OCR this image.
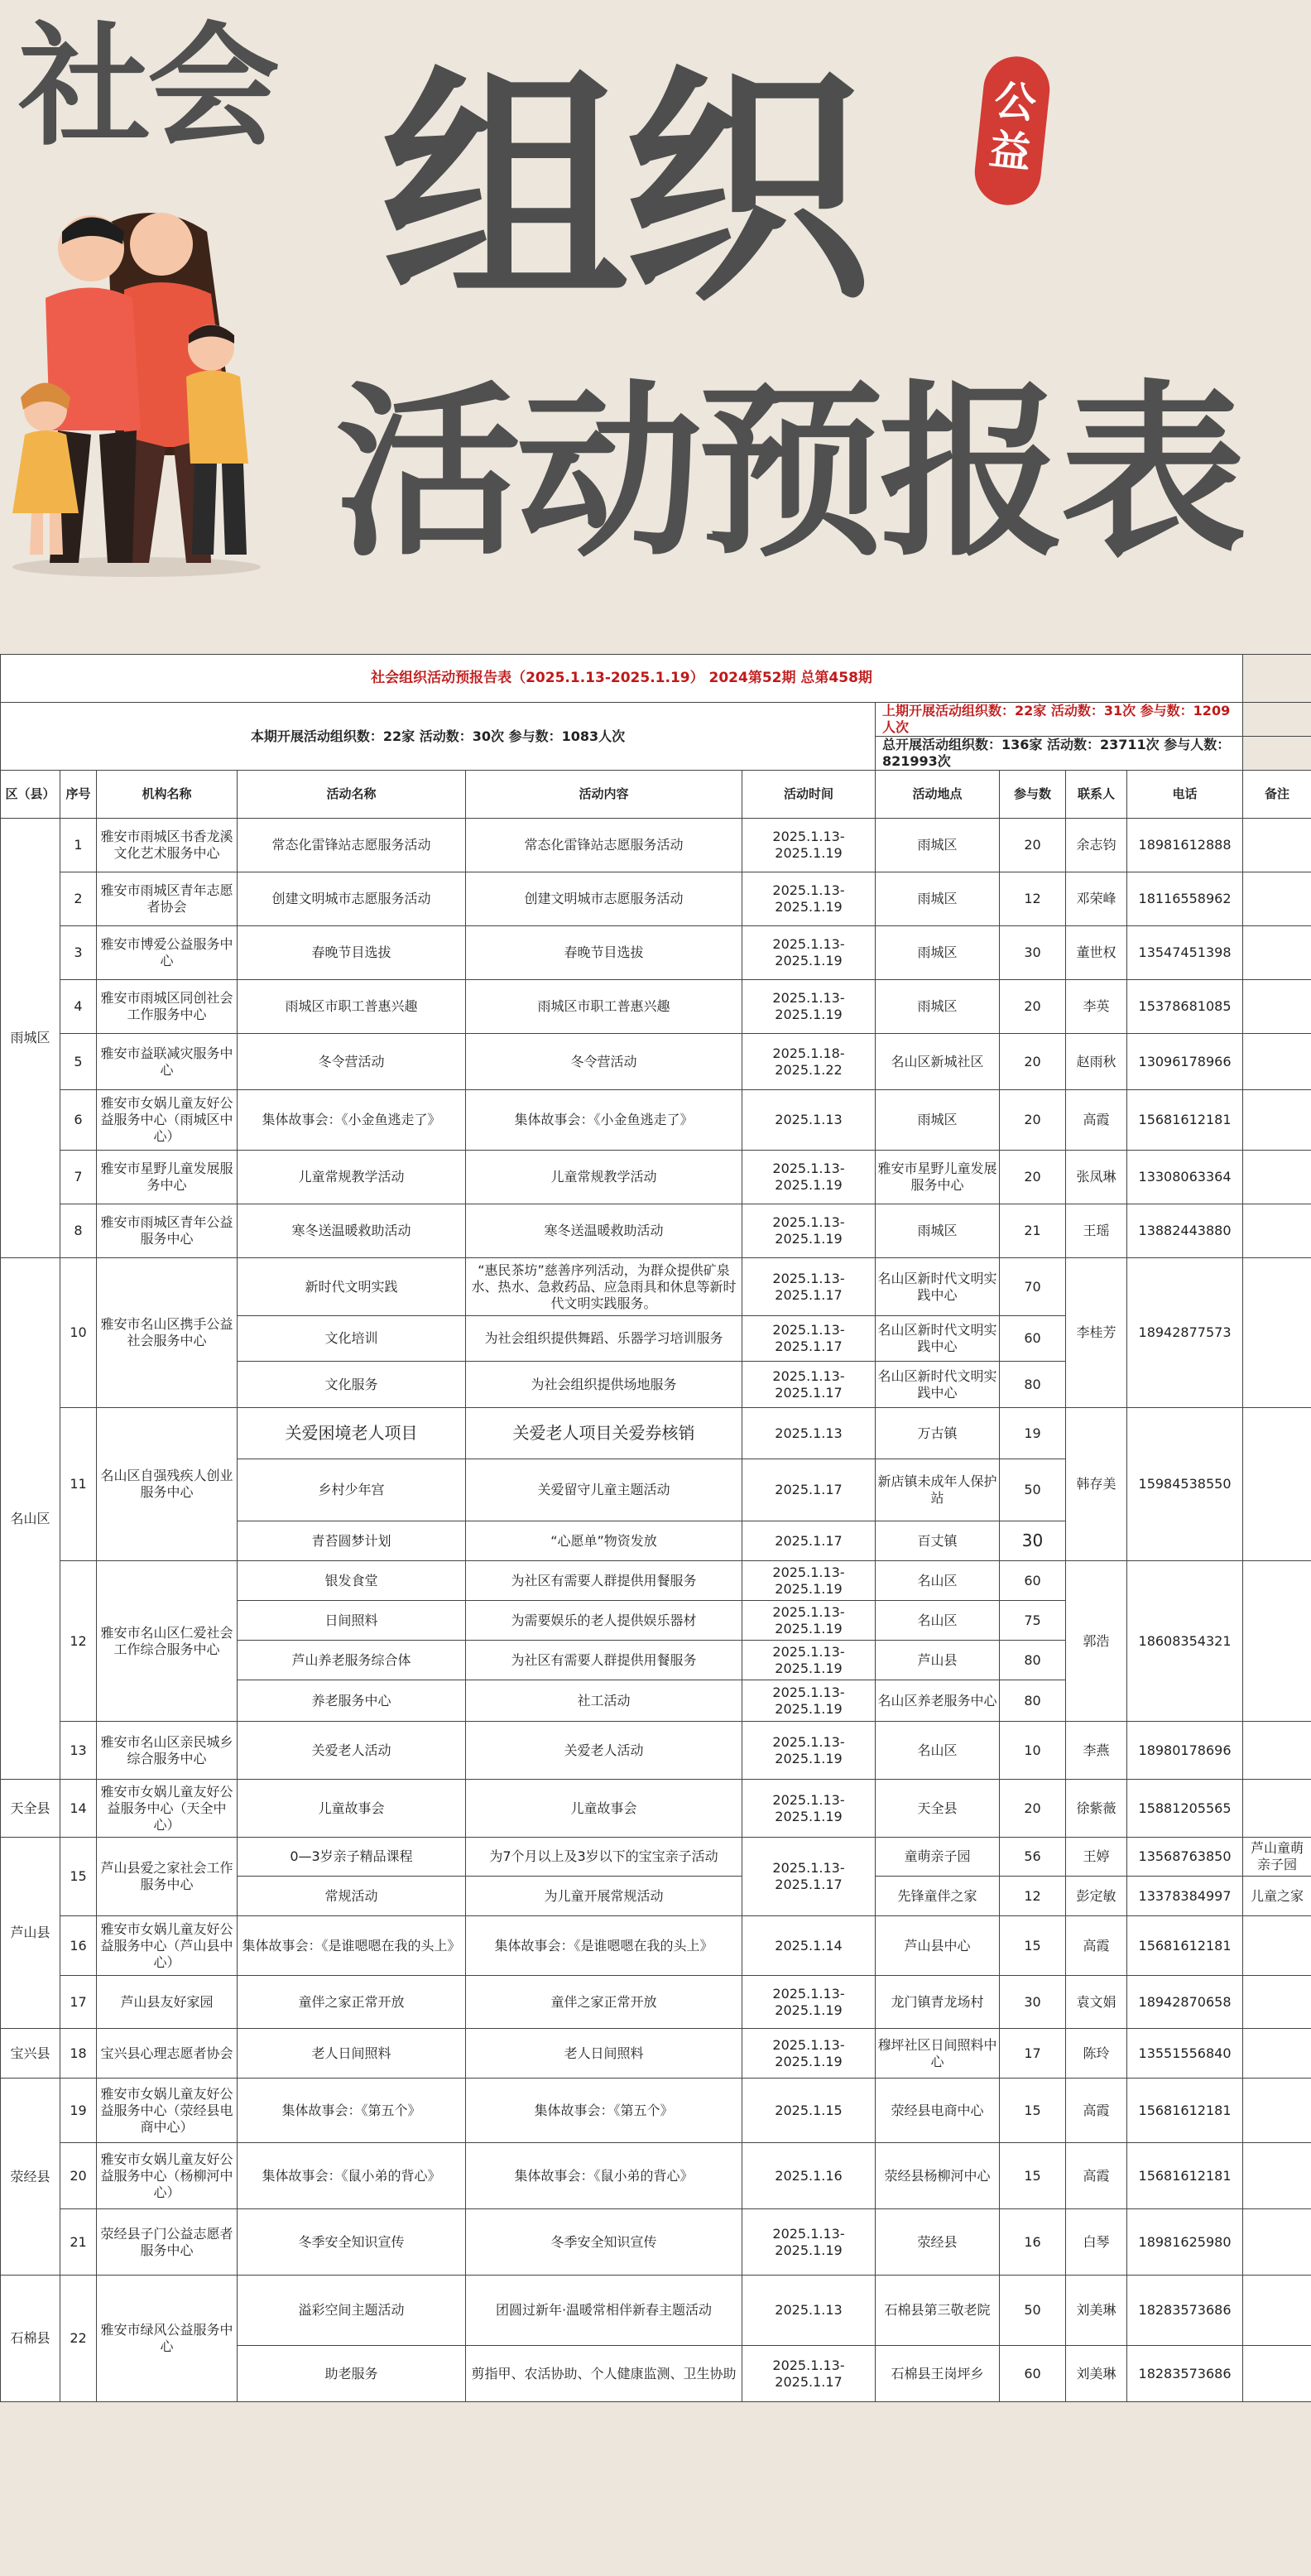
社会 组织
活动预报表
公益
社会组织活动预报告表（2025.1.13-2025.1.19） 2024第52期 总第458期										
本期开展活动组织数：22家 活动数：30次 参与数：1083人次						上期开展活动组织数：22家 活动数：31次 参与数：1209人次				
						总开展活动组织数：136家 活动数：23711次 参与人数：821993次				
区（县）	序号	机构名称	活动名称	活动内容	活动时间	活动地点	参与数	联系人	电话	备注
雨城区	1	雅安市雨城区书香龙溪文化艺术服务中心	常态化雷锋站志愿服务活动	常态化雷锋站志愿服务活动	2025.1.13-2025.1.19	雨城区	20	余志钧	18981612888	
	2	雅安市雨城区青年志愿者协会	创建文明城市志愿服务活动	创建文明城市志愿服务活动	2025.1.13-2025.1.19	雨城区	12	邓荣峰	18116558962	
	3	雅安市博爱公益服务中心	春晚节目选拔	春晚节目选拔	2025.1.13-2025.1.19	雨城区	30	董世权	13547451398	
	4	雅安市雨城区同创社会工作服务中心	雨城区市职工普惠兴趣	雨城区市职工普惠兴趣	2025.1.13-2025.1.19	雨城区	20	李英	15378681085	
	5	雅安市益联减灾服务中心	冬令营活动	冬令营活动	2025.1.18-2025.1.22	名山区新城社区	20	赵雨秋	13096178966	
	6	雅安市女娲儿童友好公益服务中心（雨城区中心）	集体故事会：《小金鱼逃走了》	集体故事会：《小金鱼逃走了》	2025.1.13	雨城区	20	高霞	15681612181	
	7	雅安市星野儿童发展服务中心	儿童常规教学活动	儿童常规教学活动	2025.1.13-2025.1.19	雅安市星野儿童发展服务中心	20	张凤琳	13308063364	
	8	雅安市雨城区青年公益服务中心	寒冬送温暖救助活动	寒冬送温暖救助活动	2025.1.13-2025.1.19	雨城区	21	王瑶	13882443880	
名山区	10	雅安市名山区携手公益社会服务中心	新时代文明实践	“惠民茶坊”慈善序列活动，为群众提供矿泉水、热水、急救药品、应急雨具和休息等新时代文明实践服务。	2025.1.13-2025.1.17	名山区新时代文明实践中心	70	李桂芳	18942877573	
			文化培训	为社会组织提供舞蹈、乐器学习培训服务	2025.1.13-2025.1.17	名山区新时代文明实践中心	60			
			文化服务	为社会组织提供场地服务	2025.1.13-2025.1.17	名山区新时代文明实践中心	80			
	11	名山区自强残疾人创业服务中心	关爱困境老人项目	关爱老人项目关爱券核销	2025.1.13	万古镇	19	韩存美	15984538550	
			乡村少年宫	关爱留守儿童主题活动	2025.1.17	新店镇未成年人保护站	50			
			青苔圆梦计划	“心愿单”物资发放	2025.1.17	百丈镇	30			
	12	雅安市名山区仁爱社会工作综合服务中心	银发食堂	为社区有需要人群提供用餐服务	2025.1.13-2025.1.19	名山区	60	郭浩	18608354321	
			日间照料	为需要娱乐的老人提供娱乐器材	2025.1.13-2025.1.19	名山区	75			
			芦山养老服务综合体	为社区有需要人群提供用餐服务	2025.1.13-2025.1.19	芦山县	80			
			养老服务中心	社工活动	2025.1.13-2025.1.19	名山区养老服务中心	80			
	13	雅安市名山区亲民城乡综合服务中心	关爱老人活动	关爱老人活动	2025.1.13-2025.1.19	名山区	10	李燕	18980178696	
天全县	14	雅安市女娲儿童友好公益服务中心（天全中心）	儿童故事会	儿童故事会	2025.1.13-2025.1.19	天全县	20	徐紫薇	15881205565	
芦山县	15	芦山县爱之家社会工作服务中心	0—3岁亲子精品课程	为7个月以上及3岁以下的宝宝亲子活动	2025.1.13-2025.1.17	童萌亲子园	56	王婷	13568763850	芦山童萌亲子园
			常规活动	为儿童开展常规活动		先锋童伴之家	12	彭定敏	13378384997	儿童之家
	16	雅安市女娲儿童友好公益服务中心（芦山县中心）	集体故事会：《是谁嗯嗯在我的头上》	集体故事会：《是谁嗯嗯在我的头上》	2025.1.14	芦山县中心	15	高霞	15681612181	
	17	芦山县友好家园	童伴之家正常开放	童伴之家正常开放	2025.1.13-2025.1.19	龙门镇青龙场村	30	袁文娟	18942870658	
宝兴县	18	宝兴县心理志愿者协会	老人日间照料	老人日间照料	2025.1.13-2025.1.19	穆坪社区日间照料中心	17	陈玲	13551556840	
荥经县	19	雅安市女娲儿童友好公益服务中心（荥经县电商中心）	集体故事会：《第五个》	集体故事会：《第五个》	2025.1.15	荥经县电商中心	15	高霞	15681612181	
	20	雅安市女娲儿童友好公益服务中心（杨柳河中心）	集体故事会：《鼠小弟的背心》	集体故事会：《鼠小弟的背心》	2025.1.16	荥经县杨柳河中心	15	高霞	15681612181	
	21	荥经县子门公益志愿者服务中心	冬季安全知识宣传	冬季安全知识宣传	2025.1.13-2025.1.19	荥经县	16	白琴	18981625980	
石棉县	22	雅安市绿风公益服务中心	溢彩空间主题活动	团圆过新年·温暖常相伴新春主题活动	2025.1.13	石棉县第三敬老院	50	刘美琳	18283573686	
			助老服务	剪指甲、农活协助、个人健康监测、卫生协助	2025.1.13-2025.1.17	石棉县王岗坪乡	60	刘美琳	18283573686	
